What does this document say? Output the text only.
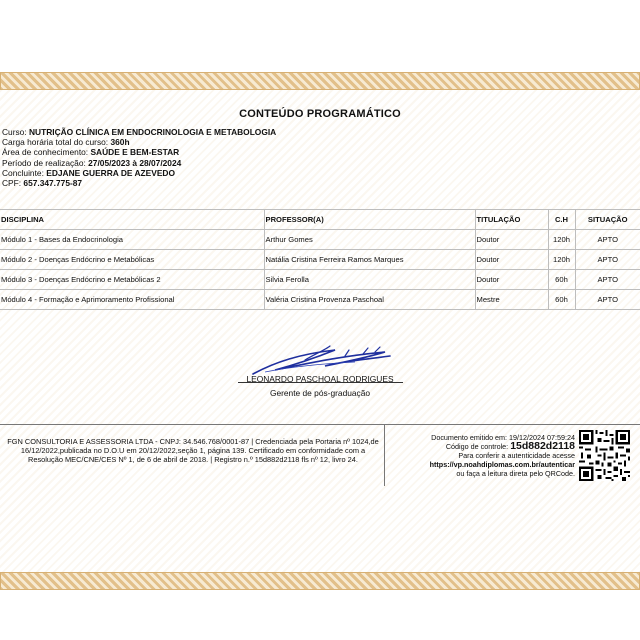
CONTEÚDO PROGRAMÁTICO
Curso: NUTRIÇÃO CLÍNICA EM ENDOCRINOLOGIA E METABOLOGIA
Carga horária total do curso: 360h
Área de conhecimento: SAÚDE E BEM-ESTAR
Período de realização: 27/05/2023 à 28/07/2024
Concluinte: EDJANE GUERRA DE AZEVEDO
CPF: 657.347.775-87
DISCIPLINA	PROFESSOR(A)	TITULAÇÃO	C.H	SITUAÇÃO
Módulo 1 - Bases da Endocrinologia	Arthur Gomes	Doutor	120h	APTO
Módulo 2 - Doenças Endócrino e Metabólicas	Natália Cristina Ferreira Ramos Marques	Doutor	120h	APTO
Módulo 3 - Doenças Endócrino e Metabólicas 2	Silvia Ferolla	Doutor	60h	APTO
Módulo 4 - Formação e Aprimoramento Profissional	Valéria Cristina Provenza Paschoal	Mestre	60h	APTO
LEONARDO PASCHOAL RODRIGUES
Gerente de pós-graduação
FGN CONSULTORIA E ASSESSORIA LTDA - CNPJ: 34.546.768/0001-87 | Credenciada pela Portaria nº 1024,de 16/12/2022,publicada no D.O.U em 20/12/2022,seção 1, página 139. Certificado em conformidade com a Resolução MEC/CNE/CES Nº 1, de 6 de abril de 2018. | Registro n.º 15d882d2118 fls nº 12, livro 24.
Documento emitido em: 19/12/2024 07:59:24
Código de controle: 15d882d2118
Para conferir a autenticidade acesse
https://vp.noahdiplomas.com.br/autenticar
ou faça a leitura direta pelo QRCode.
